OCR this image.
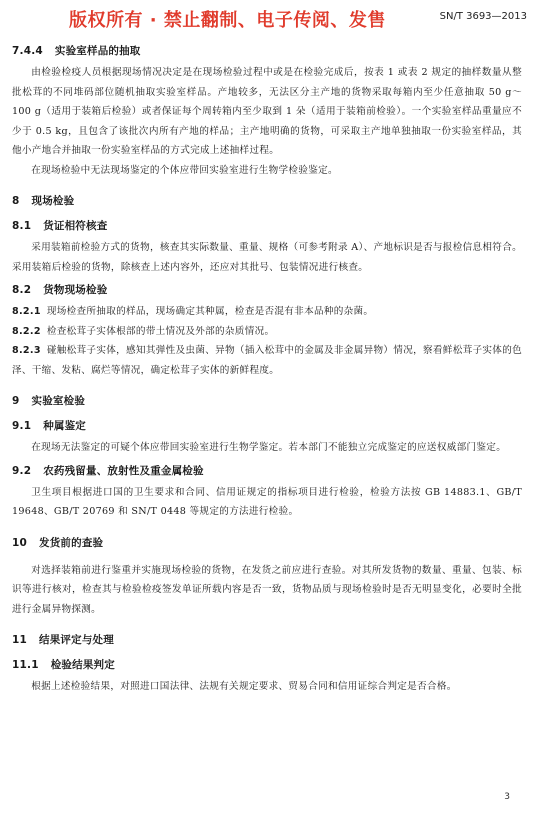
版权所有 · 禁止翻制、电子传阅、发售	SN/T 3693—2013
7.4.4 实验室样品的抽取

由检验检疫人员根据现场情况决定是在现场检验过程中或是在检验完成后，按表 1 或表 2 规定的抽样数量从整批松茸的不同堆码部位随机抽取实验室样品。产地较多，无法区分主产地的货物采取每箱内至少任意抽取 50 g～100 g（适用于装箱后检验）或者保证每个周转箱内至少取到 1 朵（适用于装箱前检验）。一个实验室样品重量应不少于 0.5 kg，且包含了该批次内所有产地的样品；主产地明确的货物，可采取主产地单独抽取一份实验室样品，其他小产地合并抽取一份实验室样品的方式完成上述抽样过程。

在现场检验中无法现场鉴定的个体应带回实验室进行生物学检验鉴定。

8 现场检验
8.1 货证相符核查

采用装箱前检验方式的货物，核查其实际数量、重量、规格（可参考附录 A）、产地标识是否与报检信息相符合。采用装箱后检验的货物，除核查上述内容外，还应对其批号、包装情况进行核查。

8.2 货物现场检验

8.2.1 现场检查所抽取的样品，现场确定其种属，检查是否混有非本品种的杂菌。

8.2.2 检查松茸子实体根部的带土情况及外部的杂质情况。

8.2.3 碰触松茸子实体，感知其弹性及虫菌、异物（插入松茸中的金属及非金属异物）情况，察看鲜松茸子实体的色泽、干缩、发粘、腐烂等情况，确定松茸子实体的新鲜程度。

9 实验室检验
9.1 种属鉴定

在现场无法鉴定的可疑个体应带回实验室进行生物学鉴定。若本部门不能独立完成鉴定的应送权威部门鉴定。

9.2 农药残留量、放射性及重金属检验

卫生项目根据进口国的卫生要求和合同、信用证规定的指标项目进行检验，检验方法按 GB 14883.1、GB/T 19648、GB/T 20769 和 SN/T 0448 等规定的方法进行检验。

10 发货前的查验

对选择装箱前进行鉴重并实施现场检验的货物，在发货之前应进行查验。对其所发货物的数量、重量、包装、标识等进行核对，检查其与检验检疫签发单证所载内容是否一致，货物品质与现场检验时是否无明显变化，必要时全批进行金属异物探测。

11 结果评定与处理
11.1 检验结果判定

根据上述检验结果，对照进口国法律、法规有关规定要求、贸易合同和信用证综合判定是否合格。

3
